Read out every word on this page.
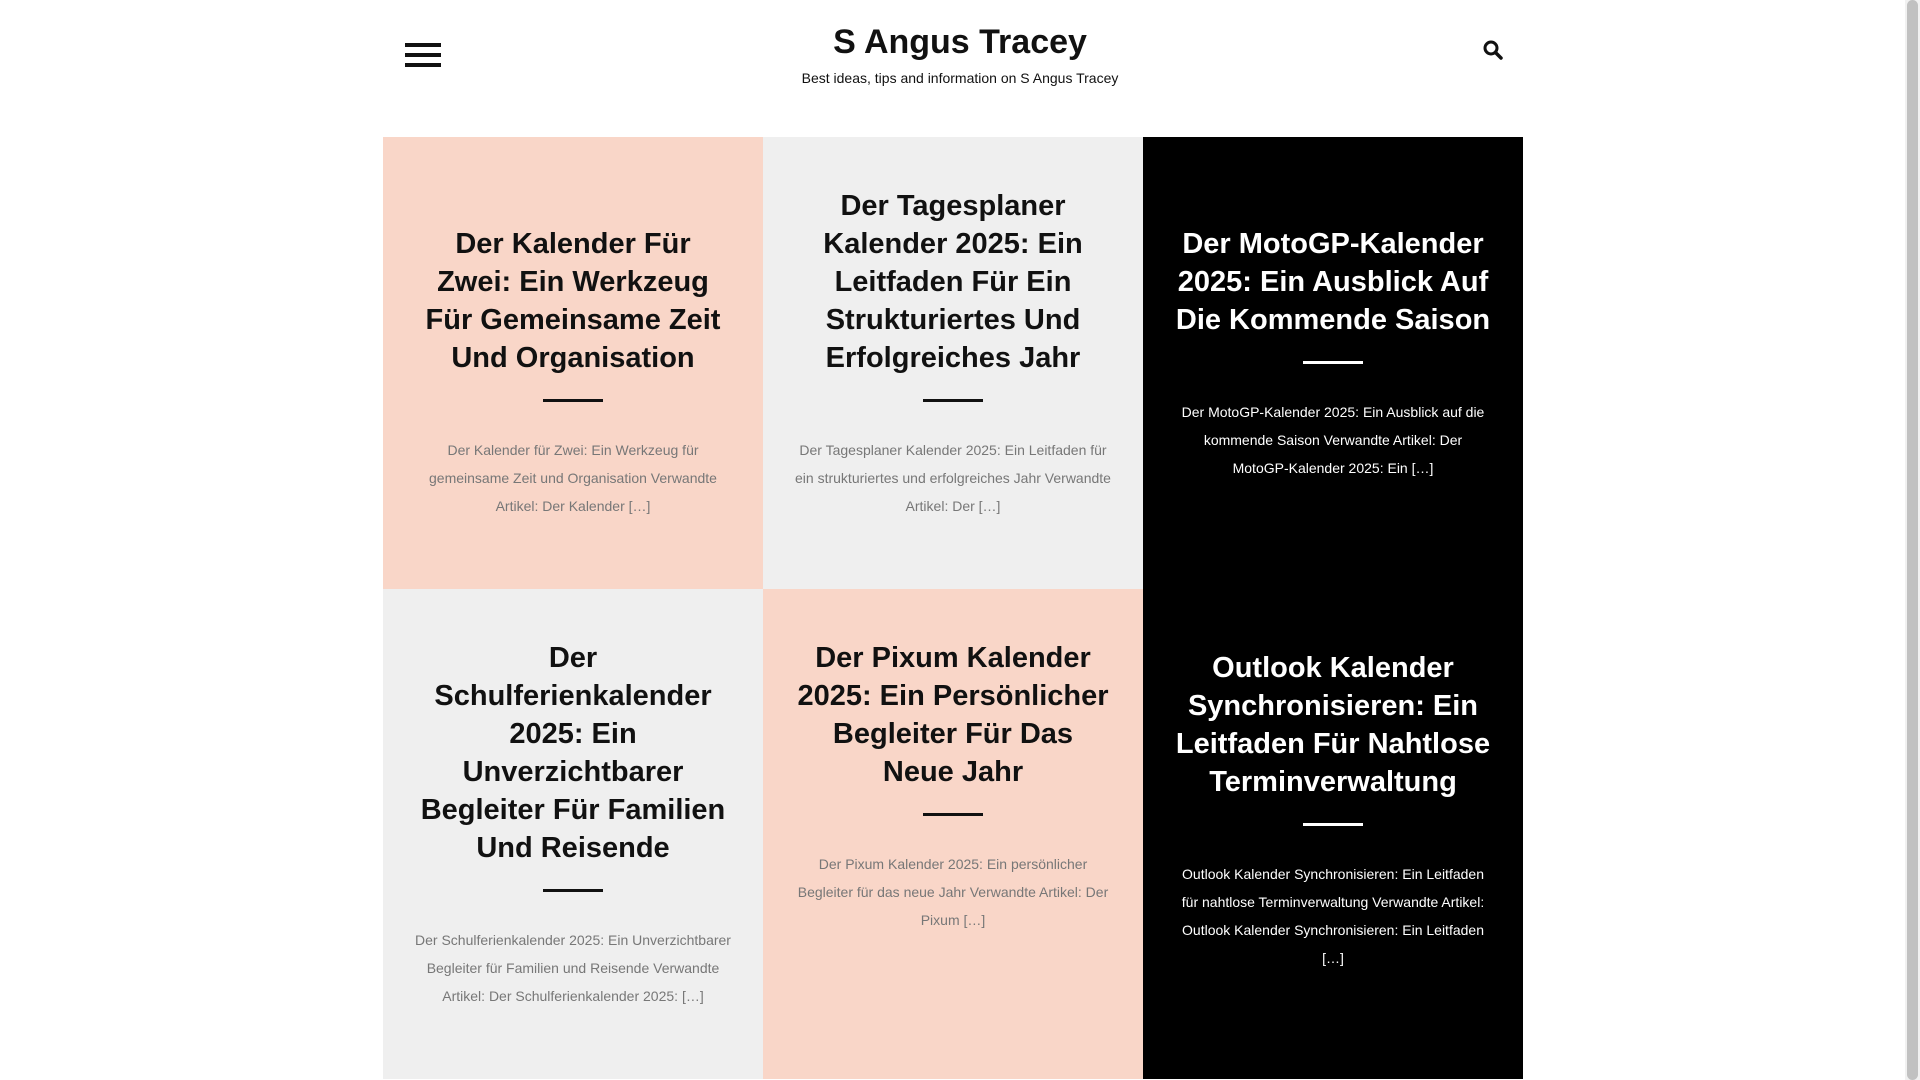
S Angus Tracey
Best ideas, tips and information on S Angus Tracey
Der Kalender Für Zwei: Ein Werkzeug Für Gemeinsame Zeit Und Organisation

Der Kalender für Zwei: Ein Werkzeug für gemeinsame Zeit und Organisation Verwandte Artikel: Der Kalender […]

Der Tagesplaner Kalender 2025: Ein Leitfaden Für Ein Strukturiertes Und Erfolgreiches Jahr

Der Tagesplaner Kalender 2025: Ein Leitfaden für ein strukturiertes und erfolgreiches Jahr Verwandte Artikel: Der […]

Der MotoGP-Kalender 2025: Ein Ausblick Auf Die Kommende Saison

Der MotoGP-Kalender 2025: Ein Ausblick auf die kommende Saison Verwandte Artikel: Der MotoGP-Kalender 2025: Ein […]

Der Schulferienkalender 2025: Ein Unverzichtbarer Begleiter Für Familien Und Reisende

Der Schulferienkalender 2025: Ein Unverzichtbarer Begleiter für Familien und Reisende Verwandte Artikel: Der Schulferienkalender 2025: […]

Der Pixum Kalender 2025: Ein Persönlicher Begleiter Für Das Neue Jahr

Der Pixum Kalender 2025: Ein persönlicher Begleiter für das neue Jahr Verwandte Artikel: Der Pixum […]

Outlook Kalender Synchronisieren: Ein Leitfaden Für Nahtlose Terminverwaltung

Outlook Kalender Synchronisieren: Ein Leitfaden für nahtlose Terminverwaltung Verwandte Artikel: Outlook Kalender Synchronisieren: Ein Leitfaden […]
